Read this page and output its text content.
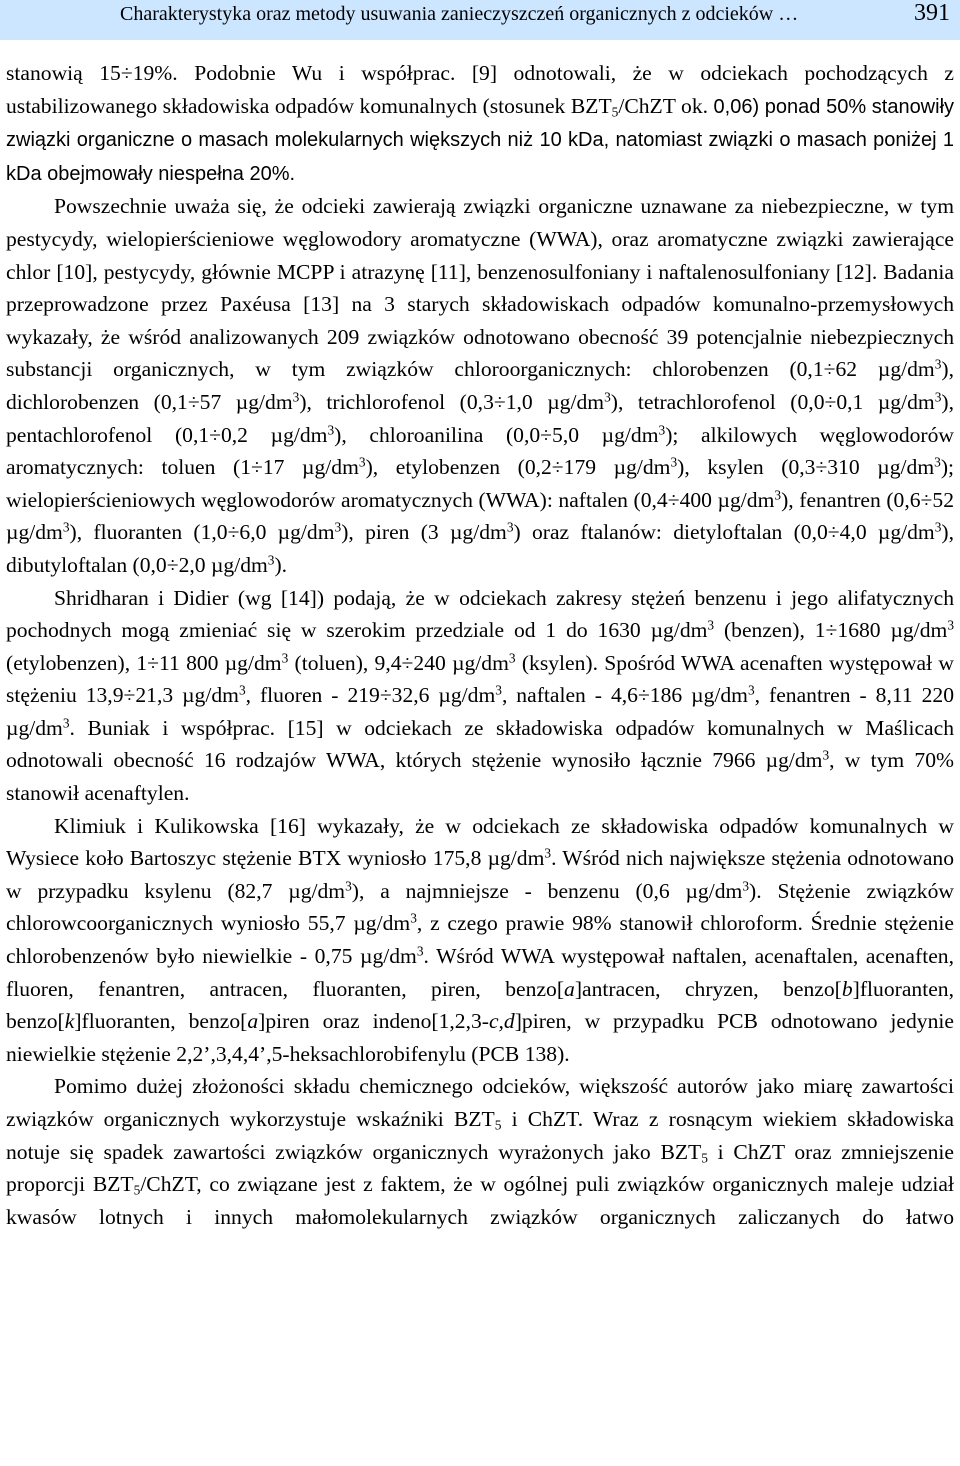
Charakterystyka oraz metody usuwania zanieczyszczeń organicznych z odcieków …	391

stanowią 15÷19%. Podobnie Wu i współprac. [9] odnotowali, że w odciekach pochodzących z ustabilizowanego składowiska odpadów komunalnych (stosunek $BZT_5$/ChZT ok. 0,06) ponad 50% stanowiły związki organiczne o masach molekularnych większych niż 10 kDa, natomiast związki o masach poniżej 1 kDa obejmowały niespełna 20%.

Powszechnie uważa się, że odcieki zawierają związki organiczne uznawane za niebezpieczne, w tym pestycydy, wielopierścieniowe węglowodory aromatyczne (WWA), oraz aromatyczne związki zawierające chlor [10], pestycydy, głównie MCPP i atrazynę [11], benzenosulfoniany i naftalenosulfoniany [12]. Badania przeprowadzone przez Paxéusa [13] na 3 starych składowiskach odpadów komunalno-przemysłowych wykazały, że wśród analizowanych 209 związków odnotowano obecność 39 potencjalnie niebezpiecznych substancji organicznych, w tym związków chloroorganicznych: chlorobenzen (0,1÷62 $\mu g/dm^3$), dichlorobenzen (0,1÷57 $\mu g/dm^3$), trichlorofenol (0,3÷1,0 $\mu g/dm^3$), tetrachlorofenol (0,0÷0,1 $\mu g/dm^3$), pentachlorofenol (0,1÷0,2 $\mu g/dm^3$), chloroanilina (0,0÷5,0 $\mu g/dm^3$); alkilowych węglowodorów aromatycznych: toluen (1÷17 $\mu g/dm^3$), etylobenzen (0,2÷179 $\mu g/dm^3$), ksylen (0,3÷310 $\mu g/dm^3$); wielopierścieniowych węglowodorów aromatycznych (WWA): naftalen (0,4÷400 $\mu g/dm^3$), fenantren (0,6÷52 $\mu g/dm^3$), fluoranten (1,0÷6,0 $\mu g/dm^3$), piren (3 $\mu g/dm^3$) oraz ftalanów: dietyloftalan (0,0÷4,0 $\mu g/dm^3$), dibutyloftalan (0,0÷2,0 $\mu g/dm^3$).

Shridharan i Didier (wg [14]) podają, że w odciekach zakresy stężeń benzenu i jego alifatycznych pochodnych mogą zmieniać się w szerokim przedziale od 1 do 1630 $\mu g/dm^3$ (benzen), 1÷1680 $\mu g/dm^3$ (etylobenzen), 1÷11 800 $\mu g/dm^3$ (toluen), 9,4÷240 $\mu g/dm^3$ (ksylen). Spośród WWA acenaften występował w stężeniu 13,9÷21,3 $\mu g/dm^3$, fluoren - 219÷32,6 $\mu g/dm^3$, naftalen - 4,6÷186 $\mu g/dm^3$, fenantren - 8,11 220 $\mu g/dm^3$. Buniak i współprac. [15] w odciekach ze składowiska odpadów komunalnych w Maślicach odnotowali obecność 16 rodzajów WWA, których stężenie wynosiło łącznie 7966 $\mu g/dm^3$, w tym 70% stanowił acenaftylen.

Klimiuk i Kulikowska [16] wykazały, że w odciekach ze składowiska odpadów komunalnych w Wysiece koło Bartoszyc stężenie BTX wyniosło 175,8 $\mu g/dm^3$. Wśród nich największe stężenia odnotowano w przypadku ksylenu (82,7 $\mu g/dm^3$), a najmniejsze - benzenu (0,6 $\mu g/dm^3$). Stężenie związków chlorowcoorganicznych wyniosło 55,7 $\mu g/dm^3$, z czego prawie 98% stanowił chloroform. Średnie stężenie chlorobenzenów było niewielkie - 0,75 $\mu g/dm^3$. Wśród WWA występował naftalen, acenaftalen, acenaften, fluoren, fenantren, antracen, fluoranten, piren, benzo[a]antracen, chryzen, benzo[b]fluoranten, benzo[k]fluoranten, benzo[a]piren oraz indeno[1,2,3-c,d]piren, w przypadku PCB odnotowano jedynie niewielkie stężenie 2,2’,3,4,4’,5-heksachlorobifenylu (PCB 138).

Pomimo dużej złożoności składu chemicznego odcieków, większość autorów jako miarę zawartości związków organicznych wykorzystuje wskaźniki $BZT_5$ i ChZT. Wraz z rosnącym wiekiem składowiska notuje się spadek zawartości związków organicznych wyrażonych jako $BZT_5$ i ChZT oraz zmniejszenie proporcji $BZT_5$/ChZT, co związane jest z faktem, że w ogólnej puli związków organicznych maleje udział kwasów lotnych i innych małomolekularnych związków organicznych zaliczanych do łatwo
